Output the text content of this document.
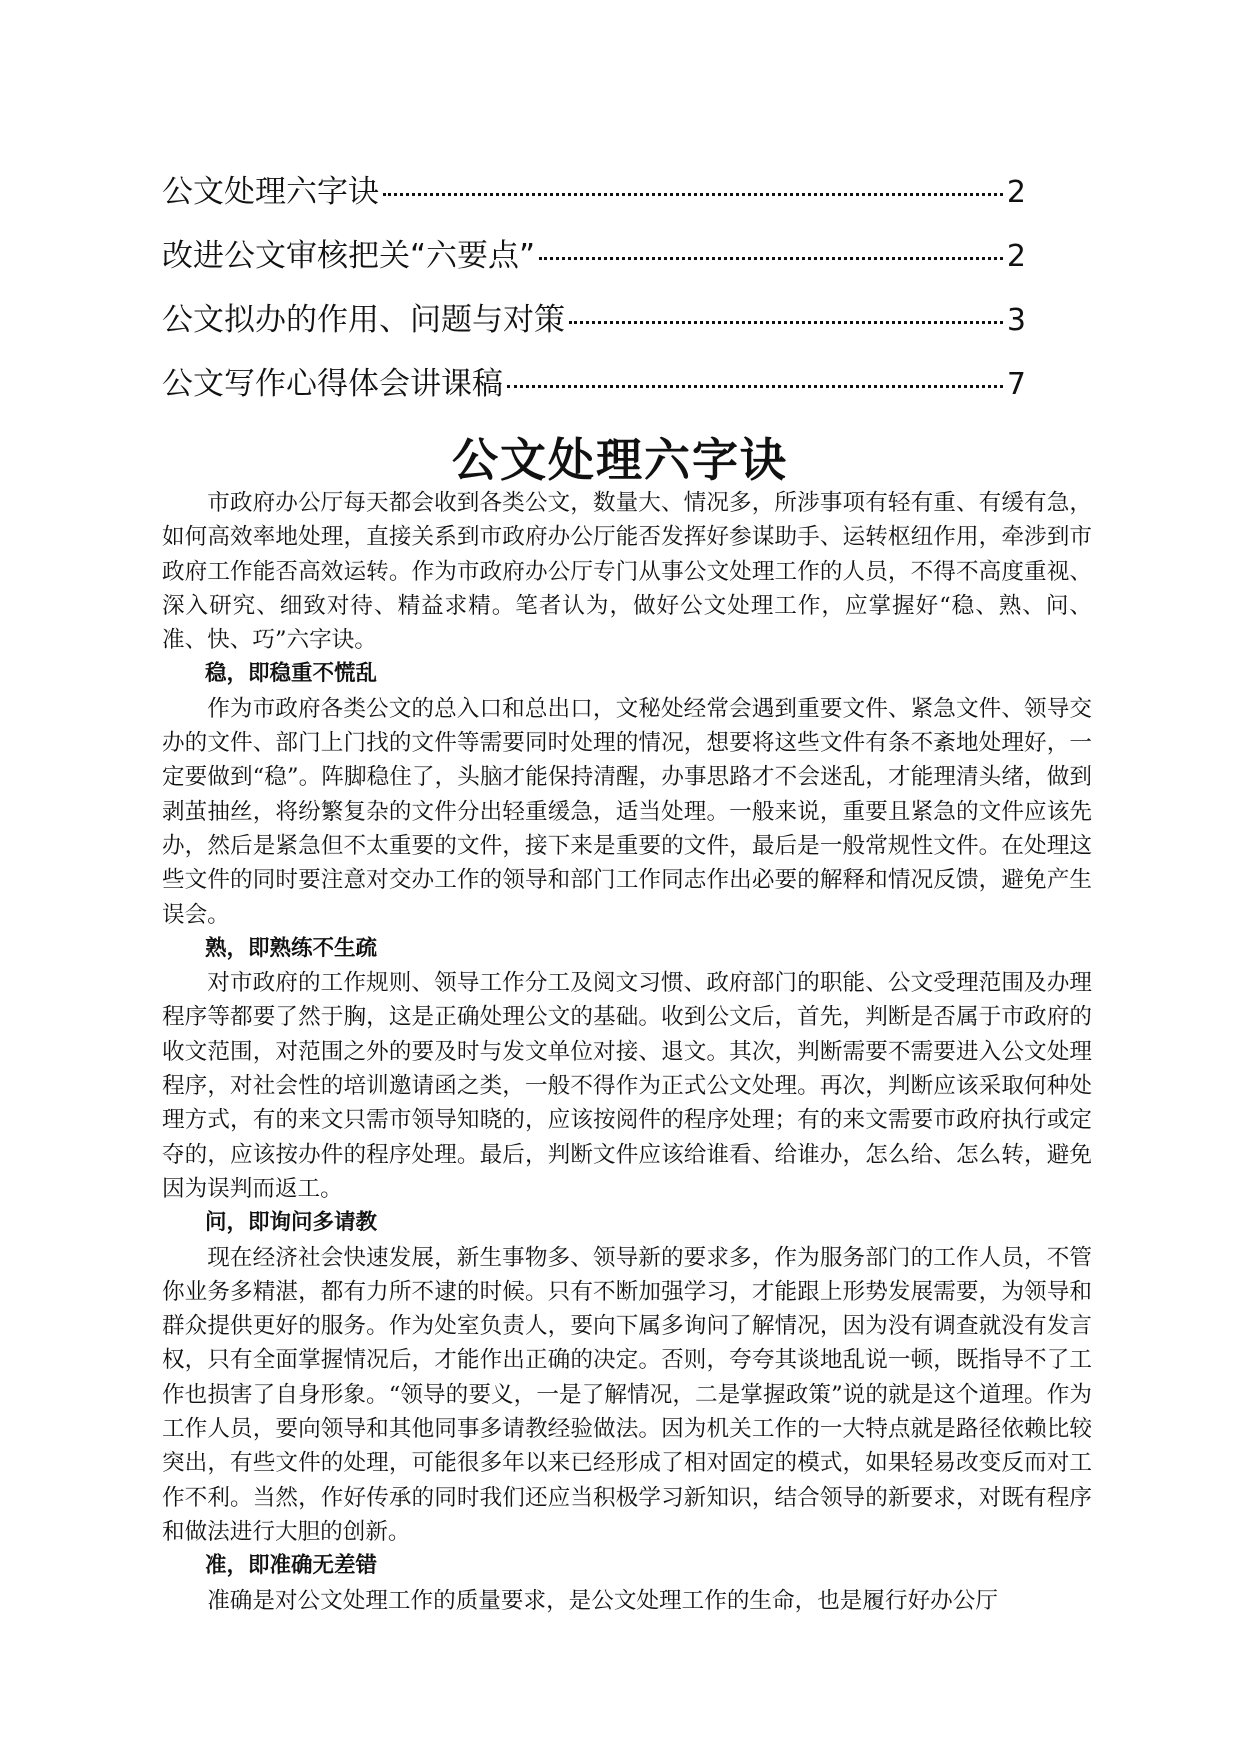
公文处理六字诀	2
改进公文审核把关“六要点”	2
公文拟办的作用、问题与对策	3
公文写作心得体会讲课稿	7
公文处理六字诀

市政府办公厅每天都会收到各类公文，数量大、情况多，所涉事项有轻有重、有缓有急，如何高效率地处理，直接关系到市政府办公厅能否发挥好参谋助手、运转枢纽作用，牵涉到市政府工作能否高效运转。作为市政府办公厅专门从事公文处理工作的人员，不得不高度重视、深入研究、细致对待、精益求精。笔者认为，做好公文处理工作，应掌握好“稳、熟、问、准、快、巧”六字诀。

稳，即稳重不慌乱

作为市政府各类公文的总入口和总出口，文秘处经常会遇到重要文件、紧急文件、领导交办的文件、部门上门找的文件等需要同时处理的情况，想要将这些文件有条不紊地处理好，一定要做到“稳”。阵脚稳住了，头脑才能保持清醒，办事思路才不会迷乱，才能理清头绪，做到剥茧抽丝，将纷繁复杂的文件分出轻重缓急，适当处理。一般来说，重要且紧急的文件应该先办，然后是紧急但不太重要的文件，接下来是重要的文件，最后是一般常规性文件。在处理这些文件的同时要注意对交办工作的领导和部门工作同志作出必要的解释和情况反馈，避免产生误会。

熟，即熟练不生疏

对市政府的工作规则、领导工作分工及阅文习惯、政府部门的职能、公文受理范围及办理程序等都要了然于胸，这是正确处理公文的基础。收到公文后，首先，判断是否属于市政府的收文范围，对范围之外的要及时与发文单位对接、退文。其次，判断需要不需要进入公文处理程序，对社会性的培训邀请函之类，一般不得作为正式公文处理。再次，判断应该采取何种处理方式，有的来文只需市领导知晓的，应该按阅件的程序处理；有的来文需要市政府执行或定夺的，应该按办件的程序处理。最后，判断文件应该给谁看、给谁办，怎么给、怎么转，避免因为误判而返工。

问，即询问多请教

现在经济社会快速发展，新生事物多、领导新的要求多，作为服务部门的工作人员，不管你业务多精湛，都有力所不逮的时候。只有不断加强学习，才能跟上形势发展需要，为领导和群众提供更好的服务。作为处室负责人，要向下属多询问了解情况，因为没有调查就没有发言权，只有全面掌握情况后，才能作出正确的决定。否则，夸夸其谈地乱说一顿，既指导不了工作也损害了自身形象。“领导的要义，一是了解情况，二是掌握政策”说的就是这个道理。作为工作人员，要向领导和其他同事多请教经验做法。因为机关工作的一大特点就是路径依赖比较突出，有些文件的处理，可能很多年以来已经形成了相对固定的模式，如果轻易改变反而对工作不利。当然，作好传承的同时我们还应当积极学习新知识，结合领导的新要求，对既有程序和做法进行大胆的创新。

准，即准确无差错

准确是对公文处理工作的质量要求，是公文处理工作的生命，也是履行好办公厅
